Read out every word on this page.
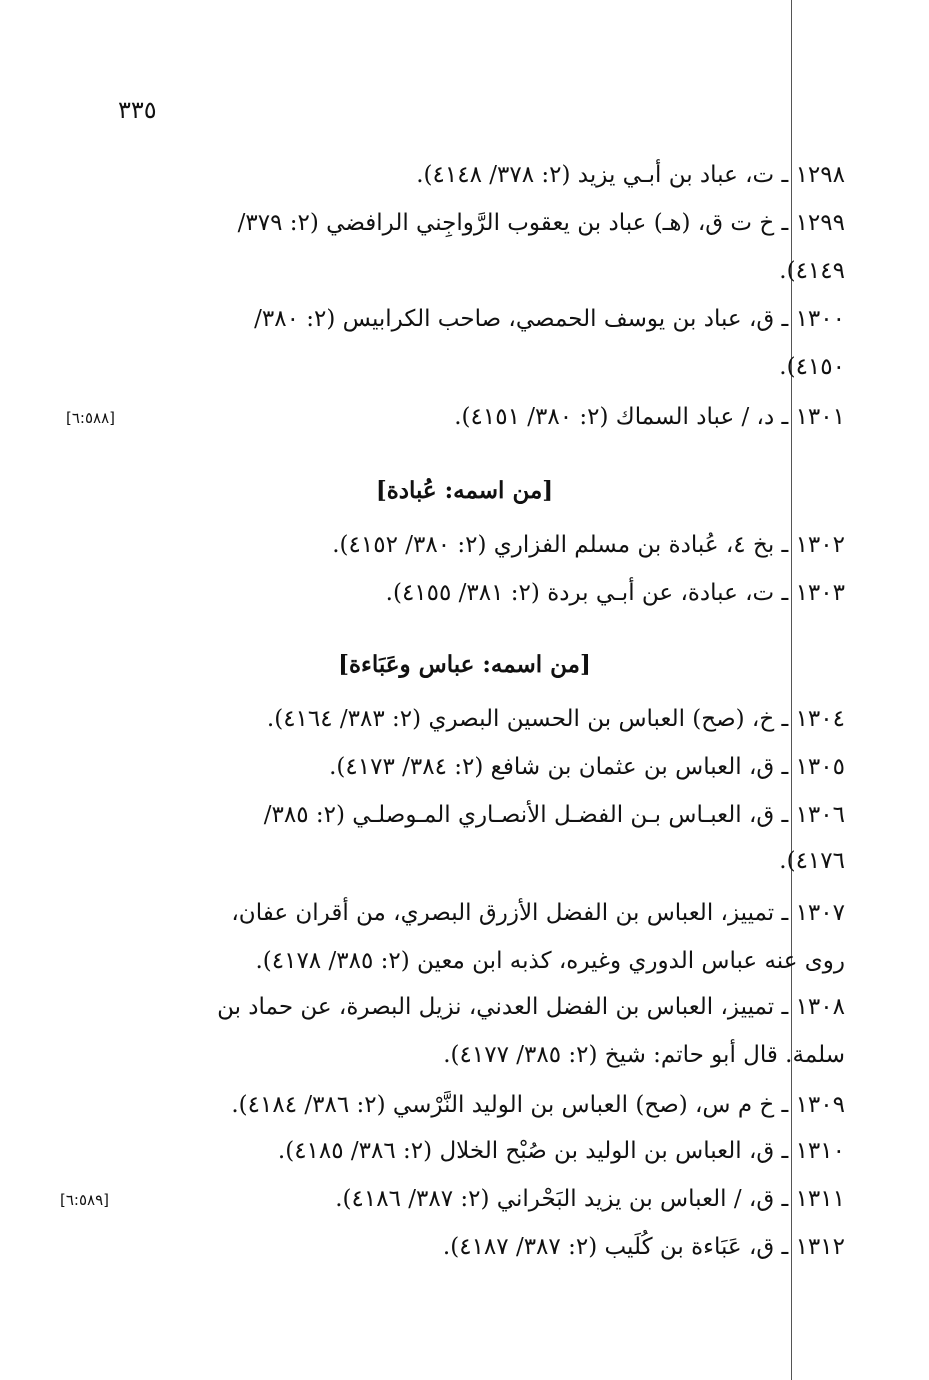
٣٣٥
١٢٩٨ ـ ت، عباد بن أبـي يزيد (٢: ٣٧٨/ ٤١٤٨).
١٢٩٩ ـ خ ت ق، (هـ) عباد بن يعقوب الرَّواجِني الرافضي (٢: ٣٧٩/
٤١٤٩).
١٣٠٠ ـ ق، عباد بن يوسف الحمصي، صاحب الكرابيس (٢: ٣٨٠/
٤١٥٠).
١٣٠١ ـ د، / عباد السماك (٢: ٣٨٠/ ٤١٥١).
[٦:٥٨٨]
[من اسمه: عُبادة]
١٣٠٢ ـ بخ ٤، عُبادة بن مسلم الفزاري (٢: ٣٨٠/ ٤١٥٢).
١٣٠٣ ـ ت، عبادة، عن أبـي بردة (٢: ٣٨١/ ٤١٥٥).
[من اسمه: عباس وعَبَاءة]
١٣٠٤ ـ خ، (صح) العباس بن الحسين البصري (٢: ٣٨٣/ ٤١٦٤).
١٣٠٥ ـ ق، العباس بن عثمان بن شافع (٢: ٣٨٤/ ٤١٧٣).
١٣٠٦ ـ ق، العبـاس بـن الفضـل الأنصـاري المـوصلـي (٢: ٣٨٥/
٤١٧٦).
١٣٠٧ ـ تمييز، العباس بن الفضل الأزرق البصري، من أقران عفان،
روى عنه عباس الدوري وغيره، كذبه ابن معين (٢: ٣٨٥/ ٤١٧٨).
١٣٠٨ ـ تمييز، العباس بن الفضل العدني، نزيل البصرة، عن حماد بن
سلمة. قال أبو حاتم: شيخ (٢: ٣٨٥/ ٤١٧٧).
١٣٠٩ ـ خ م س، (صح) العباس بن الوليد النَّرْسي (٢: ٣٨٦/ ٤١٨٤).
١٣١٠ ـ ق، العباس بن الوليد بن صُبْح الخلال (٢: ٣٨٦/ ٤١٨٥).
١٣١١ ـ ق، / العباس بن يزيد البَحْراني (٢: ٣٨٧/ ٤١٨٦).
[٦:٥٨٩]
١٣١٢ ـ ق، عَبَاءة بن كُلَيب (٢: ٣٨٧/ ٤١٨٧).
